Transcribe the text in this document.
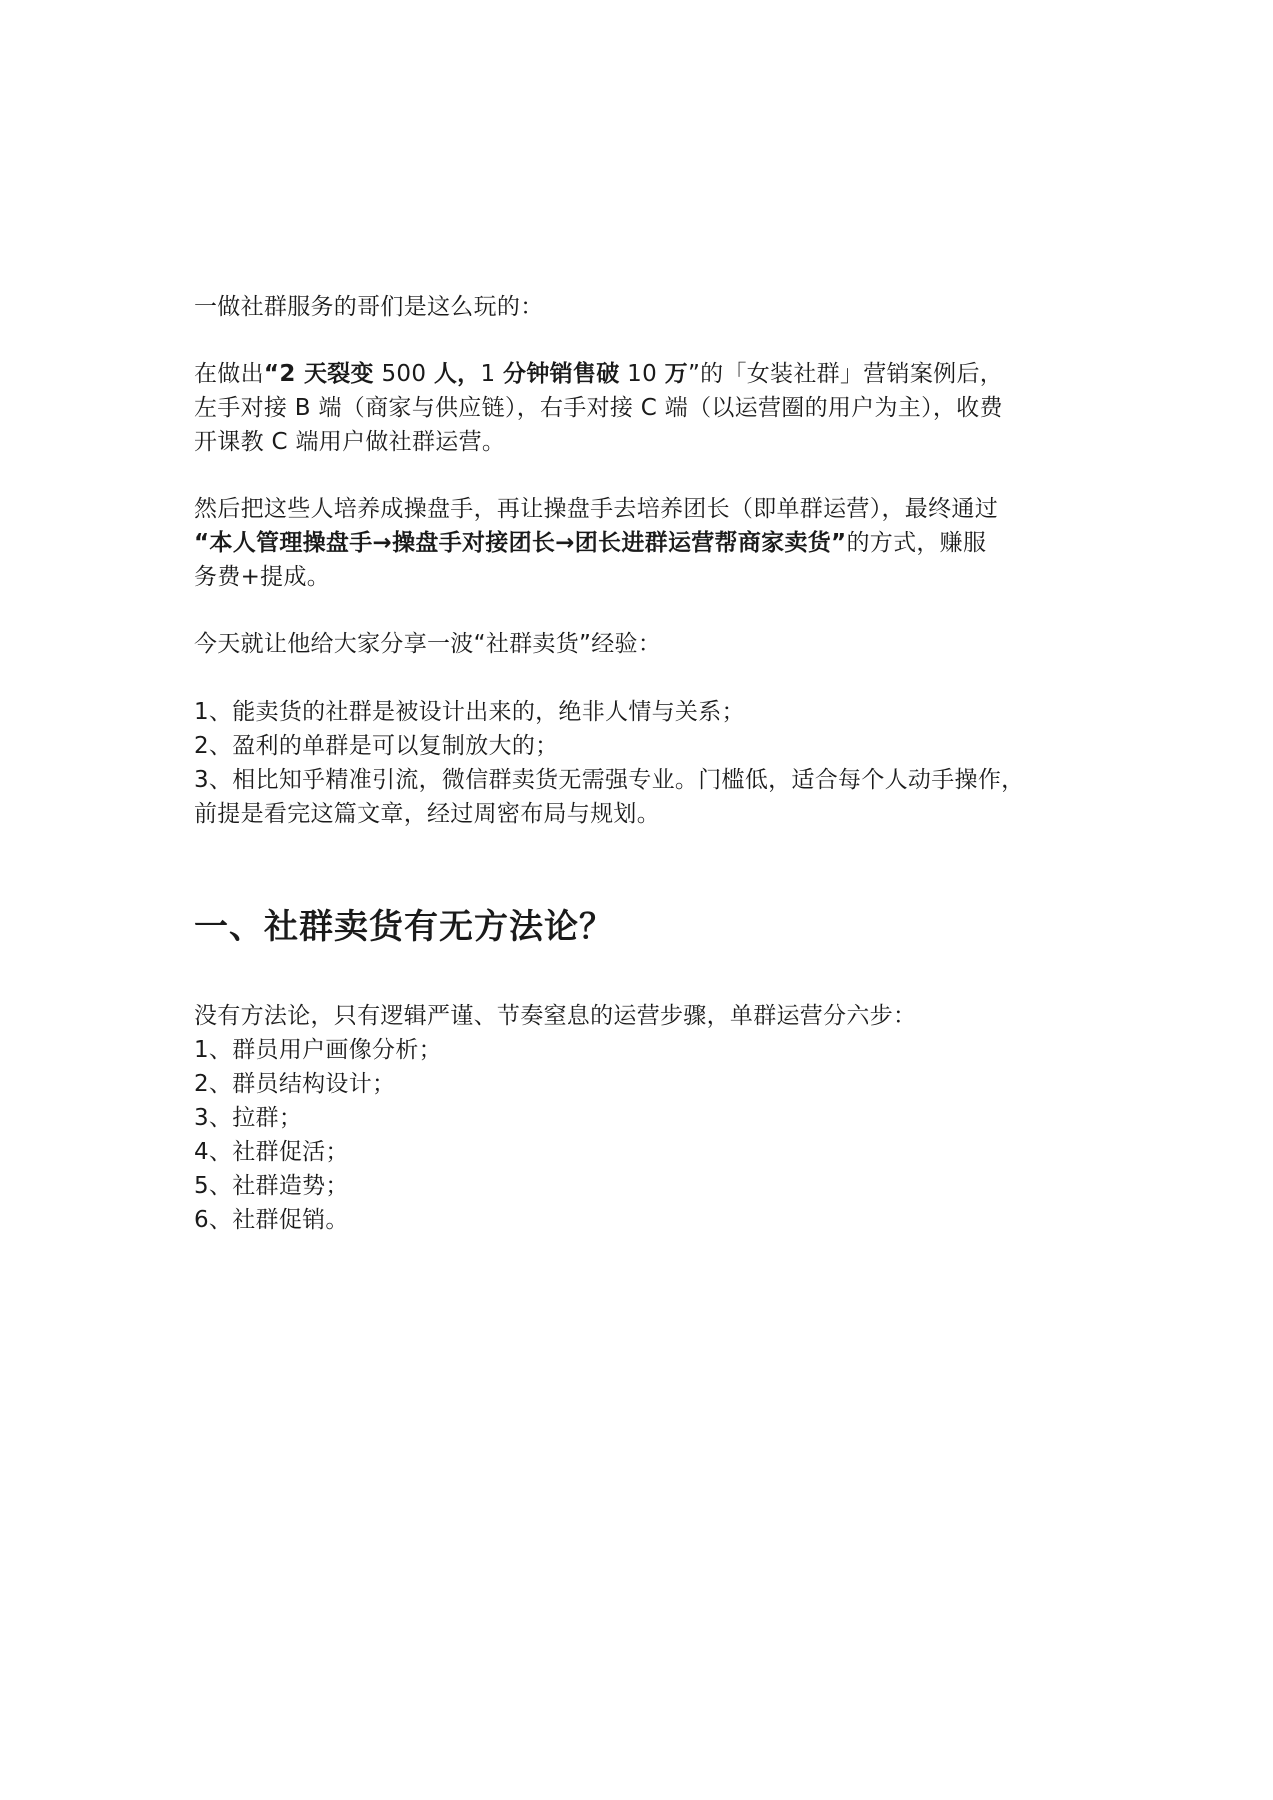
一做社群服务的哥们是这么玩的：

在做出“2 天裂变 500 人，1 分钟销售破 10 万”的「女装社群」营销案例后，

左手对接 B 端（商家与供应链），右手对接 C 端（以运营圈的用户为主），收费

开课教 C 端用户做社群运营。

然后把这些人培养成操盘手，再让操盘手去培养团长（即单群运营），最终通过

“本人管理操盘手→操盘手对接团长→团长进群运营帮商家卖货”的方式，赚服

务费+提成。

今天就让他给大家分享一波“社群卖货”经验：

1、能卖货的社群是被设计出来的，绝非人情与关系；

2、盈利的单群是可以复制放大的；

3、相比知乎精准引流，微信群卖货无需强专业。门槛低，适合每个人动手操作，

前提是看完这篇文章，经过周密布局与规划。

一、社群卖货有无方法论？

没有方法论，只有逻辑严谨、节奏窒息的运营步骤，单群运营分六步：

1、群员用户画像分析；

2、群员结构设计；

3、拉群；

4、社群促活；

5、社群造势；

6、社群促销。
